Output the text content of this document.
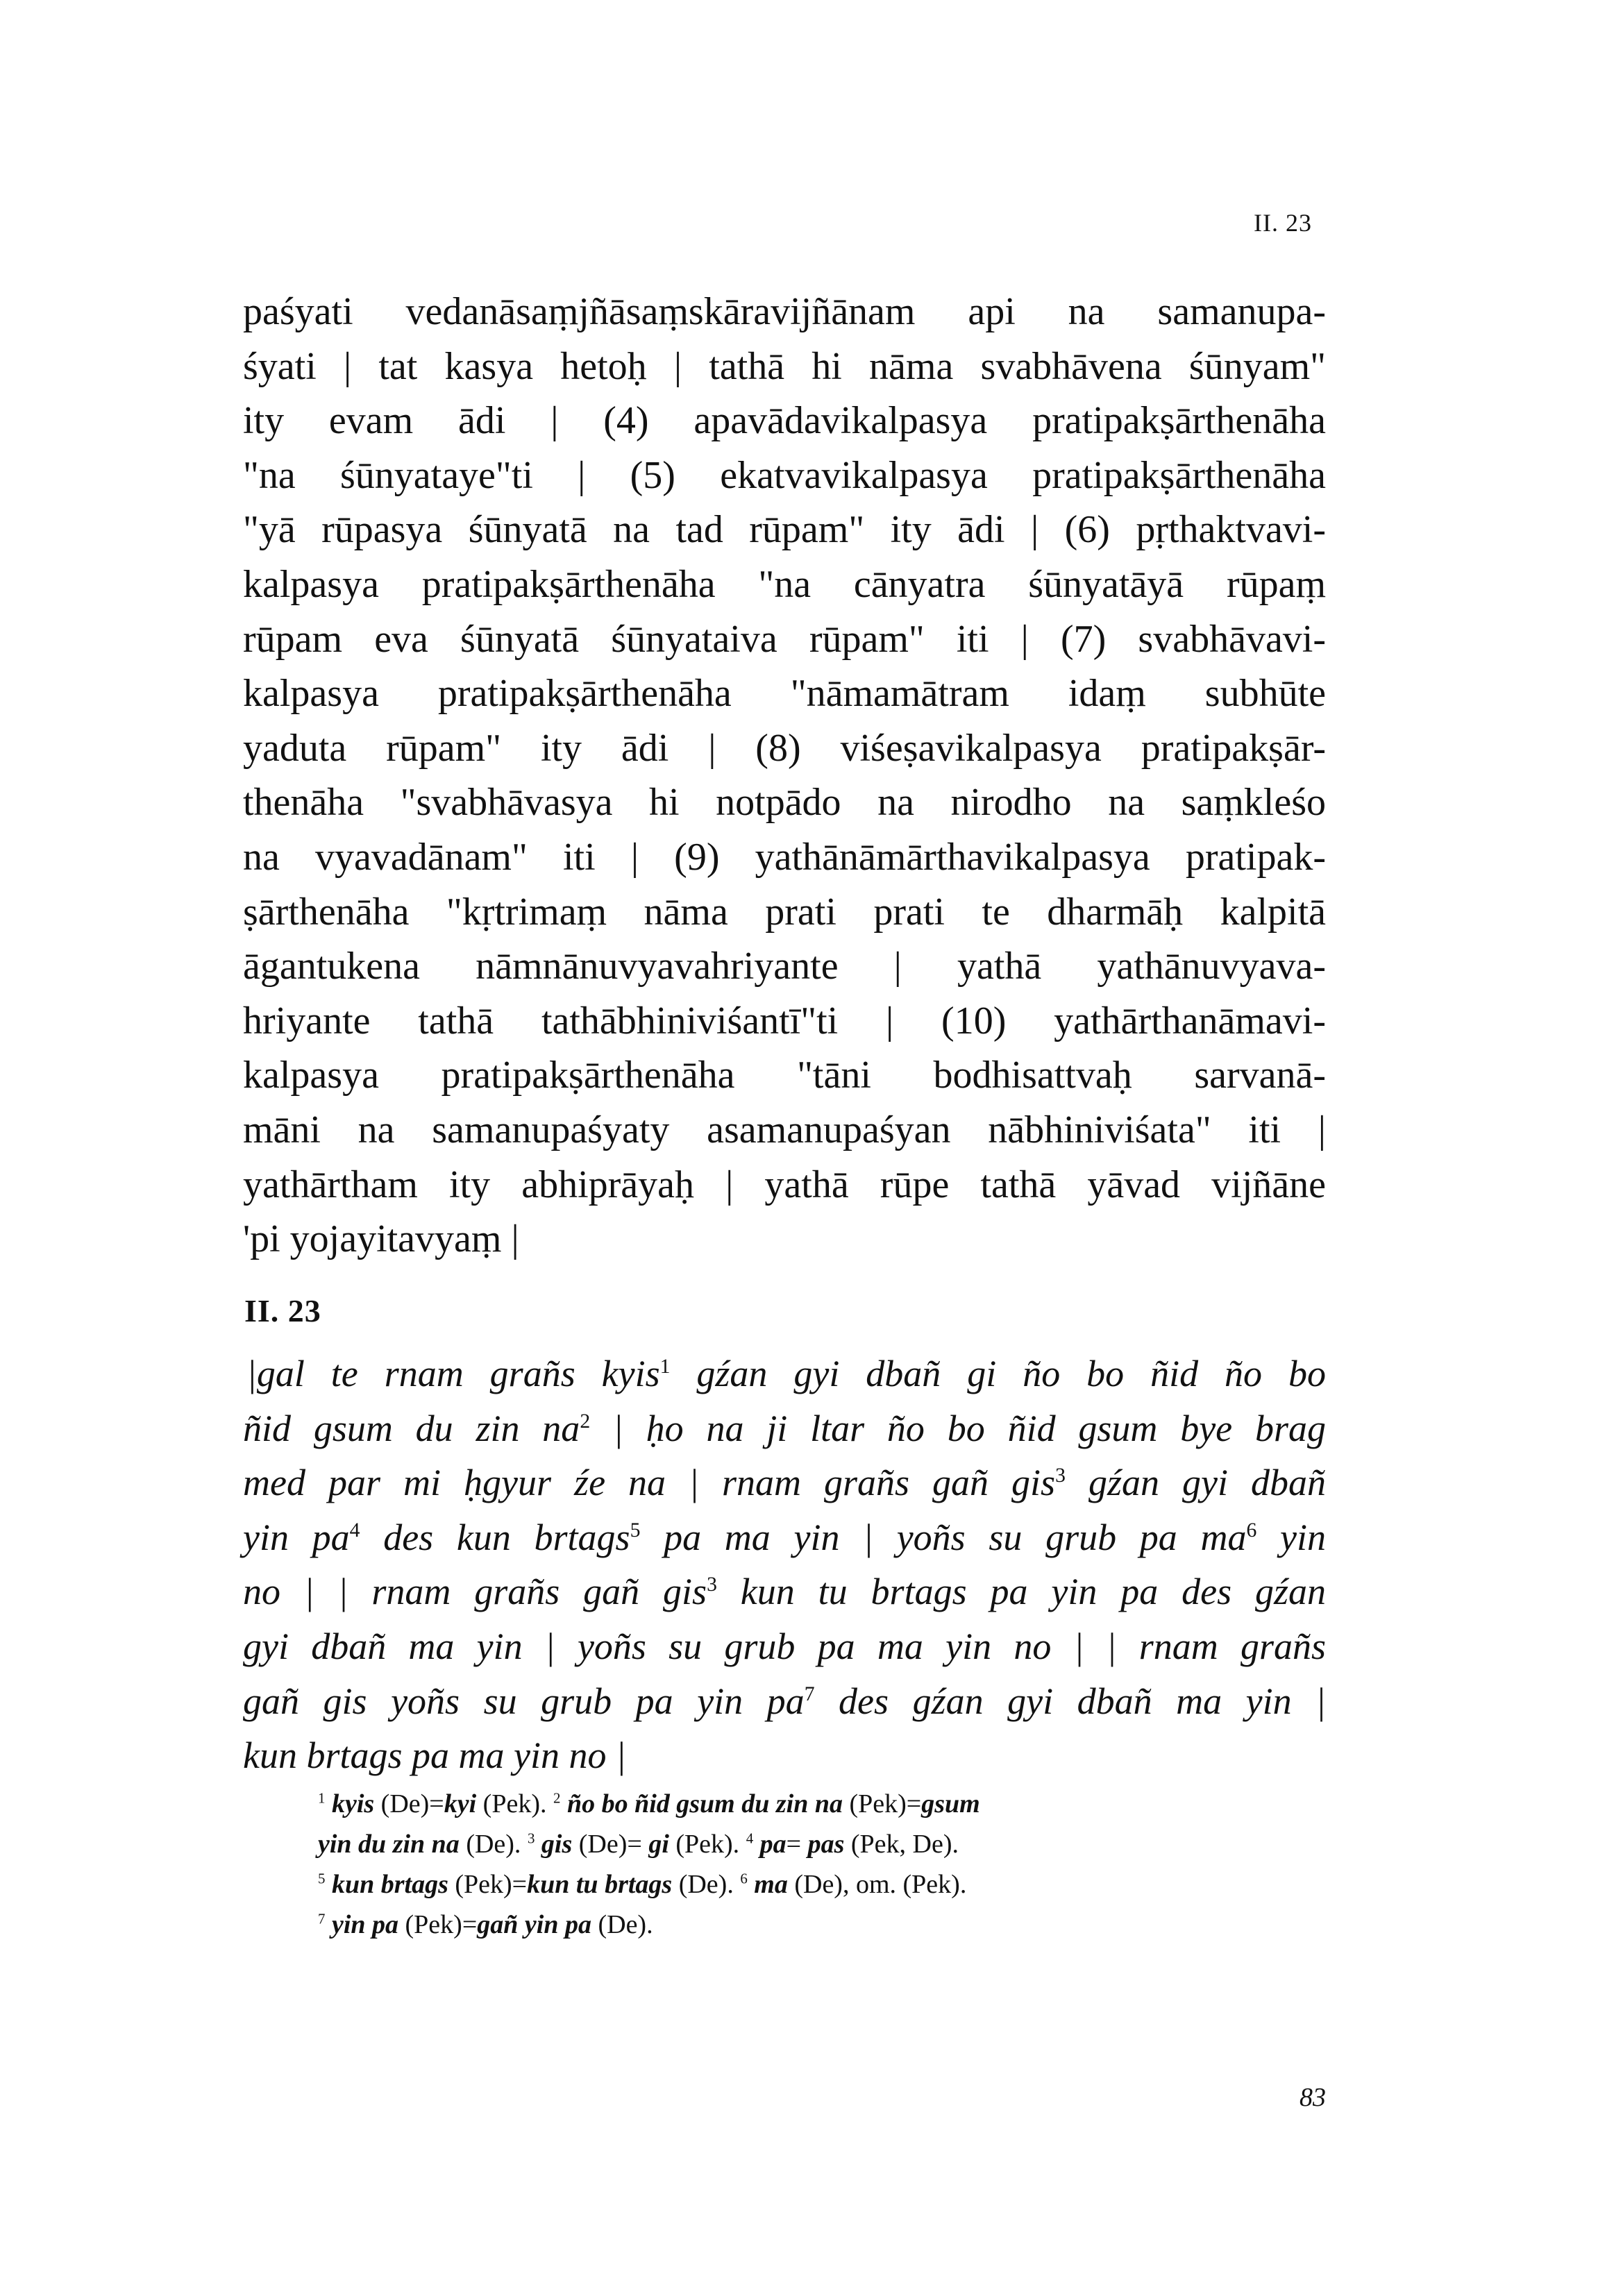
II. 23
paśyati vedanāsaṃjñāsaṃskāravijñānam api na samanupa-
śyati | tat kasya hetoḥ | tathā hi nāma svabhāvena śūnyam"
ity evam ādi | (4) apavādavikalpasya pratipakṣārthenāha
"na śūnyataye"ti | (5) ekatvavikalpasya pratipakṣārthenāha
"yā rūpasya śūnyatā na tad rūpam" ity ādi | (6) pṛthaktvavi-
kalpasya pratipakṣārthenāha "na cānyatra śūnyatāyā rūpaṃ
rūpam eva śūnyatā śūnyataiva rūpam" iti | (7) svabhāvavi-
kalpasya pratipakṣārthenāha "nāmamātram idaṃ subhūte
yaduta rūpam" ity ādi | (8) viśeṣavikalpasya pratipakṣār-
thenāha "svabhāvasya hi notpādo na nirodho na saṃkleśo
na vyavadānam" iti | (9) yathānāmārthavikalpasya pratipak-
ṣārthenāha "kṛtrimaṃ nāma prati prati te dharmāḥ kalpitā
āgantukena nāmnānuvyavahriyante | yathā yathānuvyava-
hriyante tathā tathābhiniviśantī"ti | (10) yathārthanāmavi-
kalpasya pratipakṣārthenāha "tāni bodhisattvaḥ sarvanā-
māni na samanupaśyaty asamanupaśyan nābhiniviśata" iti |
yathārtham ity abhiprāyaḥ | yathā rūpe tathā yāvad vijñāne
'pi yojayitavyaṃ |
II. 23
|gal te rnam grañs kyis$^1$ gźan gyi dbañ gi ño bo ñid ño bo
ñid gsum du zin $na^2$ | ḥo na ji ltar ño bo ñid gsum bye brag
med par mi ḥgyur źe na | rnam grañs gañ gis$^3$ gźan gyi dbañ
yin $pa^4$ des kun brtags$^5$ pa ma yin | yoñs su grub pa $ma^6$ yin
no | | rnam grañs gañ gis$^3$ kun tu brtags pa yin pa des gźan
gyi dbañ ma yin | yoñs su grub pa ma yin no | | rnam grañs
gañ gis yoñs su grub pa yin $pa^7$ des gźan gyi dbañ ma yin |
kun brtags pa ma yin no |
$^1$ kyis (De)=kyi (Pek). $^2$ ño bo ñid gsum du zin na (Pek)=gsum
yin du zin na (De). $^3$ gis (De)= gi (Pek). $^4$ pa= pas (Pek, De).
$^5$ kun brtags (Pek)=kun tu brtags (De). $^6$ ma (De), om. (Pek).
$^7$ yin pa (Pek)=gañ yin pa (De).
83
